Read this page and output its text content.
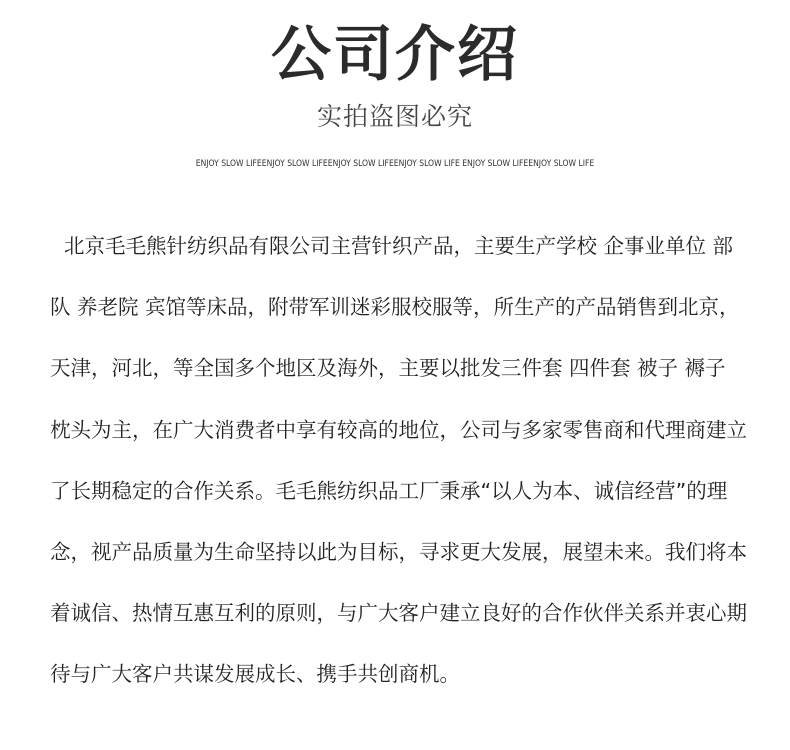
公司介绍
实拍盗图必究
ENJOY SLOW LIFEENJOY SLOW LIFEENJOY SLOW LIFEENJOY SLOW LIFE ENJOY SLOW LIFEENJOY SLOW LIFE

北京毛毛熊针纺织品有限公司主营针织产品，主要生产学校 企事业单位 部队 养老院 宾馆等床品，附带军训迷彩服校服等，所生产的产品销售到北京，天津，河北，等全国多个地区及海外，主要以批发三件套 四件套 被子 褥子 枕头为主，在广大消费者中享有较高的地位，公司与多家零售商和代理商建立了长期稳定的合作关系。毛毛熊纺织品工厂秉承“以人为本、诚信经营”的理念，视产品质量为生命坚持以此为目标，寻求更大发展，展望未来。我们将本着诚信、热情互惠互利的原则，与广大客户建立良好的合作伙伴关系并衷心期待与广大客户共谋发展成长、携手共创商机。
